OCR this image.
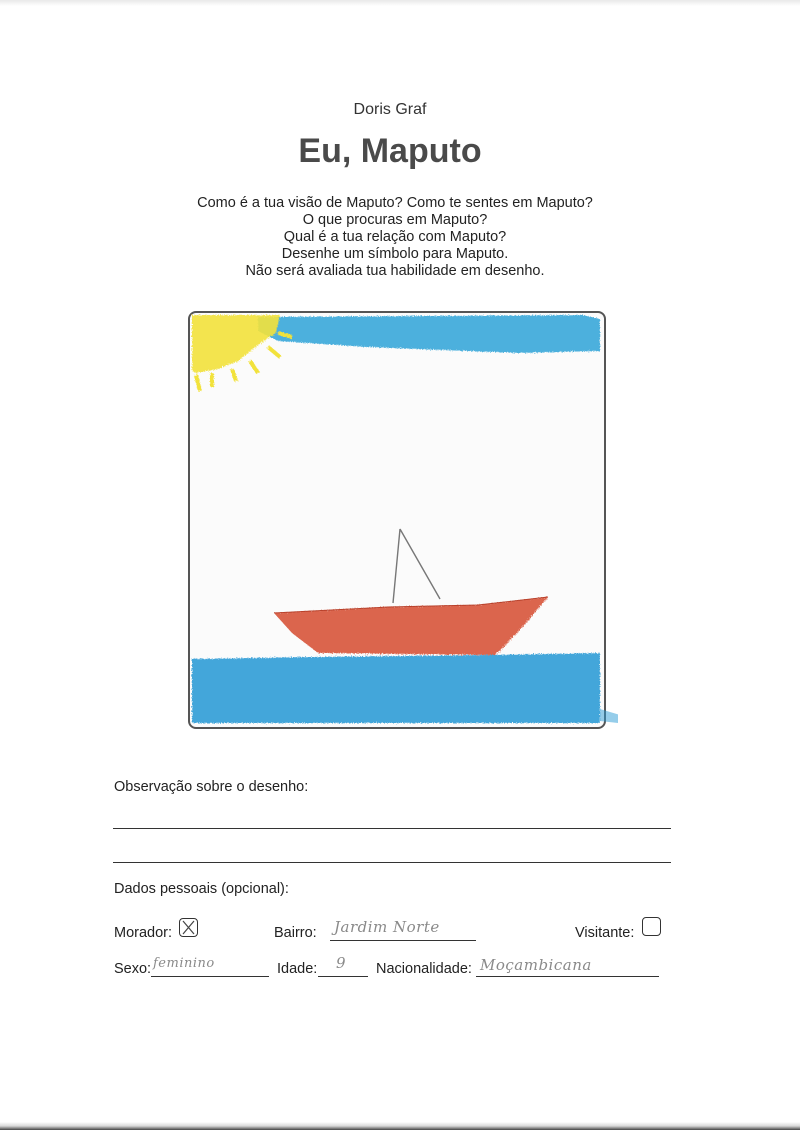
Doris Graf
Eu, Maputo
Como é a tua visão de Maputo? Como te sentes em Maputo?
O que procuras em Maputo?
Qual é a tua relação com Maputo?
Desenhe um símbolo para Maputo.
Não será avaliada tua habilidade em desenho.
Observação sobre o desenho:
Dados pessoais (opcional):
Morador:	Bairro: Jardim Norte	Visitante:
Sexo: feminino	Idade: 9 Nacionalidade: Moçambicana
